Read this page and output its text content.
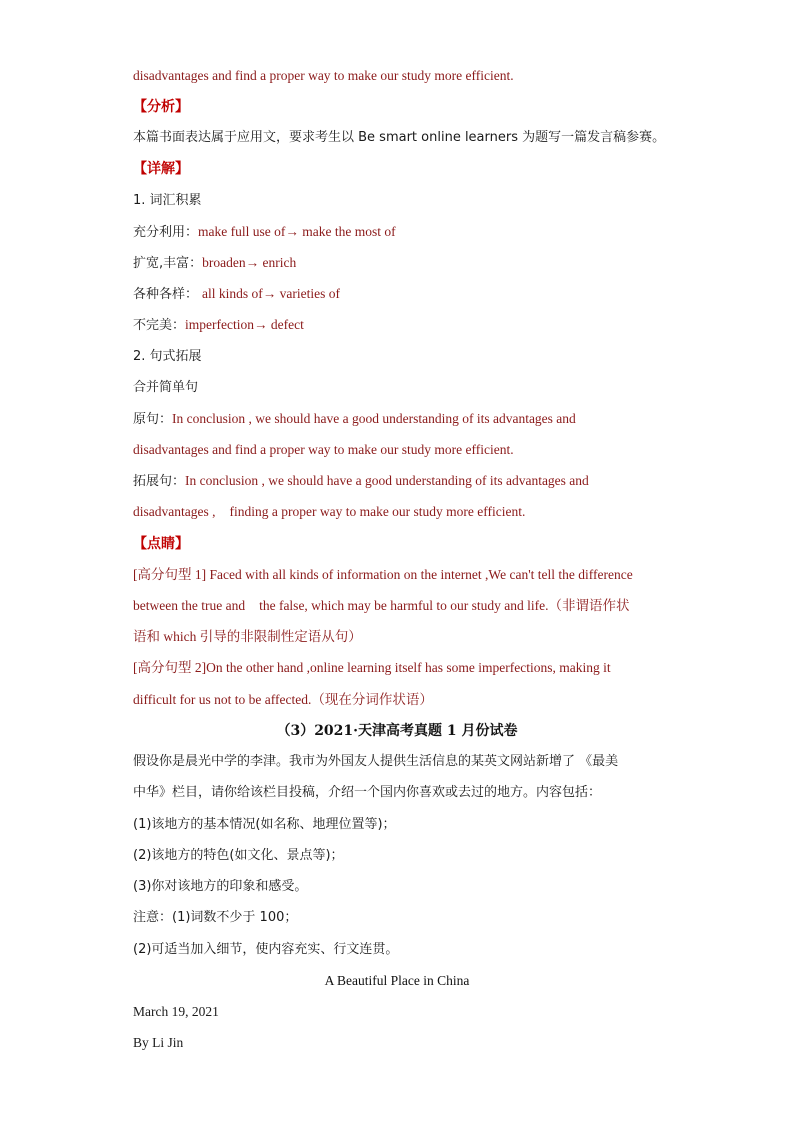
disadvantages and find a proper way to make our study more efficient.
【分析】
本篇书面表达属于应用文，要求考生以 Be smart online learners 为题写一篇发言稿参赛。
【详解】
1. 词汇积累
充分利用：make full use of→ make the most of
扩宽,丰富：broaden→ enrich
各种各样： all kinds of→ varieties of
不完美：imperfection→ defect
2. 句式拓展
合并简单句
原句：In conclusion , we should have a good understanding of its advantages and
disadvantages and find a proper way to make our study more efficient.
拓展句：In conclusion , we should have a good understanding of its advantages and
disadvantages , finding a proper way to make our study more efficient.
【点睛】
[高分句型 1] Faced with all kinds of information on the internet ,We can't tell the difference
between the true and the false, which may be harmful to our study and life.（非谓语作状
语和 which 引导的非限制性定语从句）
[高分句型 2]On the other hand ,online learning itself has some imperfections, making it
difficult for us not to be affected.（现在分词作状语）
（3）2021·天津高考真题 1 月份试卷
假设你是晨光中学的李津。我市为外国友人提供生活信息的某英文网站新增了 《最美
中华》栏目，请你给该栏目投稿，介绍一个国内你喜欢或去过的地方。内容包括：
(1)该地方的基本情况(如名称、地理位置等)；
(2)该地方的特色(如文化、景点等)；
(3)你对该地方的印象和感受。
注意：(1)词数不少于 100；
(2)可适当加入细节，使内容充实、行文连贯。
A Beautiful Place in China
March 19, 2021
By Li Jin
